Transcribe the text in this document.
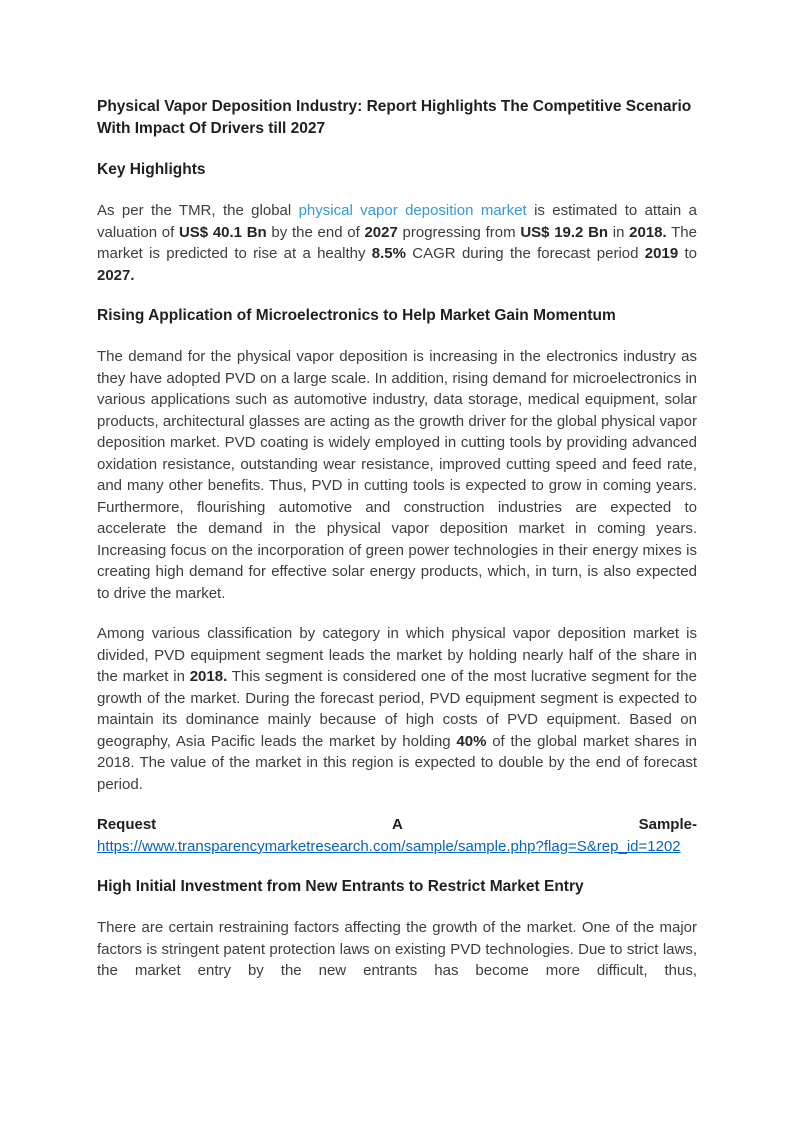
Physical Vapor Deposition Industry: Report Highlights The Competitive Scenario With Impact Of Drivers till 2027
Key Highlights

As per the TMR, the global physical vapor deposition market is estimated to attain a valuation of US$ 40.1 Bn by the end of 2027 progressing from US$ 19.2 Bn in 2018. The market is predicted to rise at a healthy 8.5% CAGR during the forecast period 2019 to 2027.

Rising Application of Microelectronics to Help Market Gain Momentum

The demand for the physical vapor deposition is increasing in the electronics industry as they have adopted PVD on a large scale. In addition, rising demand for microelectronics in various applications such as automotive industry, data storage, medical equipment, solar products, architectural glasses are acting as the growth driver for the global physical vapor deposition market. PVD coating is widely employed in cutting tools by providing advanced oxidation resistance, outstanding wear resistance, improved cutting speed and feed rate, and many other benefits. Thus, PVD in cutting tools is expected to grow in coming years. Furthermore, flourishing automotive and construction industries are expected to accelerate the demand in the physical vapor deposition market in coming years. Increasing focus on the incorporation of green power technologies in their energy mixes is creating high demand for effective solar energy products, which, in turn, is also expected to drive the market.

Among various classification by category in which physical vapor deposition market is divided, PVD equipment segment leads the market by holding nearly half of the share in the market in 2018. This segment is considered one of the most lucrative segment for the growth of the market. During the forecast period, PVD equipment segment is expected to maintain its dominance mainly because of high costs of PVD equipment. Based on geography, Asia Pacific leads the market by holding 40% of the global market shares in 2018. The value of the market in this region is expected to double by the end of forecast period.

Request	A	Sample-

https://www.transparencymarketresearch.com/sample/sample.php?flag=S&rep_id=1202

High Initial Investment from New Entrants to Restrict Market Entry

There are certain restraining factors affecting the growth of the market. One of the major factors is stringent patent protection laws on existing PVD technologies. Due to strict laws, the market entry by the new entrants has become more difficult, thus,
